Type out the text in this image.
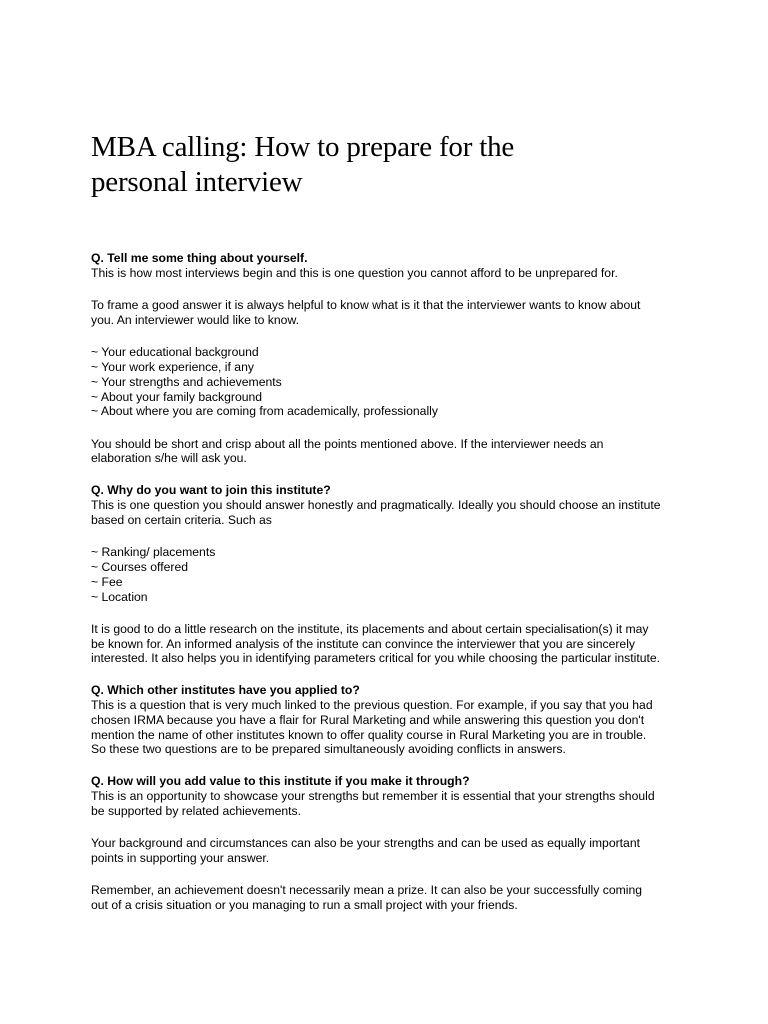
MBA calling: How to prepare for the
personal interview
Q. Tell me some thing about yourself.
This is how most interviews begin and this is one question you cannot afford to be unprepared for.
To frame a good answer it is always helpful to know what is it that the interviewer wants to know about
you. An interviewer would like to know.
~ Your educational background
~ Your work experience, if any
~ Your strengths and achievements
~ About your family background
~ About where you are coming from academically, professionally
You should be short and crisp about all the points mentioned above. If the interviewer needs an
elaboration s/he will ask you.
Q. Why do you want to join this institute?
This is one question you should answer honestly and pragmatically. Ideally you should choose an institute
based on certain criteria. Such as
~ Ranking/ placements
~ Courses offered
~ Fee
~ Location
It is good to do a little research on the institute, its placements and about certain specialisation(s) it may
be known for. An informed analysis of the institute can convince the interviewer that you are sincerely
interested. It also helps you in identifying parameters critical for you while choosing the particular institute.
Q. Which other institutes have you applied to?
This is a question that is very much linked to the previous question. For example, if you say that you had
chosen IRMA because you have a flair for Rural Marketing and while answering this question you don't
mention the name of other institutes known to offer quality course in Rural Marketing you are in trouble.
So these two questions are to be prepared simultaneously avoiding conflicts in answers.
Q. How will you add value to this institute if you make it through?
This is an opportunity to showcase your strengths but remember it is essential that your strengths should
be supported by related achievements.
Your background and circumstances can also be your strengths and can be used as equally important
points in supporting your answer.
Remember, an achievement doesn't necessarily mean a prize. It can also be your successfully coming
out of a crisis situation or you managing to run a small project with your friends.
